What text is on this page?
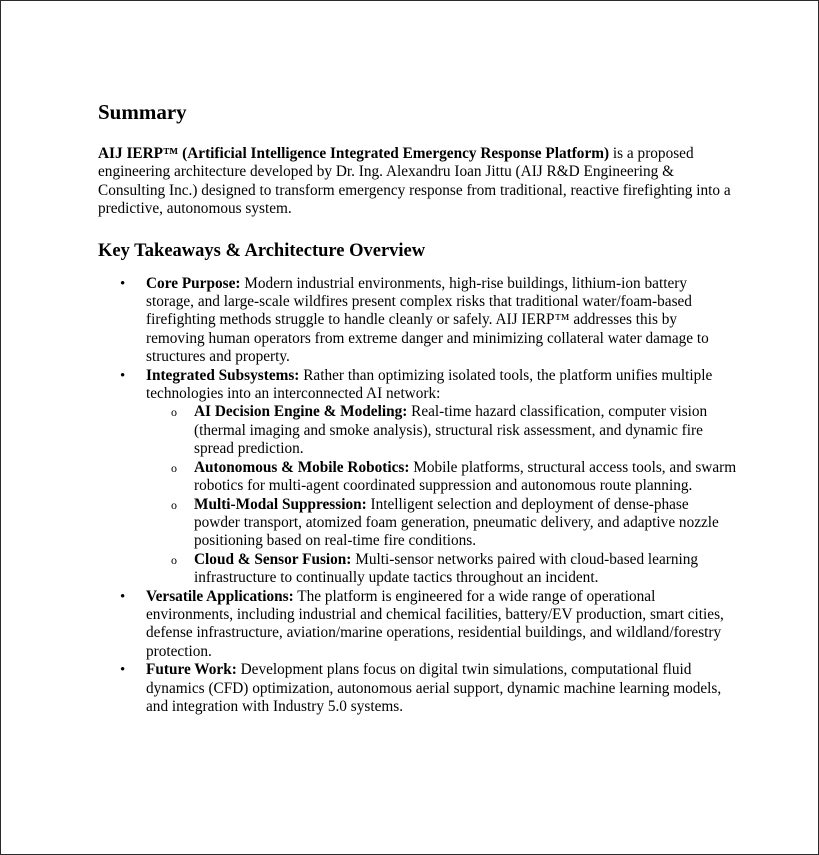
Summary

AIJ IERP™ (Artificial Intelligence Integrated Emergency Response Platform) is a proposed engineering architecture developed by Dr. Ing. Alexandru Ioan Jittu (AIJ R&D Engineering & Consulting Inc.) designed to transform emergency response from traditional, reactive firefighting into a predictive, autonomous system.

Key Takeaways & Architecture Overview
• Core Purpose: Modern industrial environments, high-rise buildings, lithium-ion battery storage, and large-scale wildfires present complex risks that traditional water/foam-based firefighting methods struggle to handle cleanly or safely. AIJ IERP™ addresses this by removing human operators from extreme danger and minimizing collateral water damage to structures and property.
• Integrated Subsystems: Rather than optimizing isolated tools, the platform unifies multiple technologies into an interconnected AI network:
o AI Decision Engine & Modeling: Real-time hazard classification, computer vision (thermal imaging and smoke analysis), structural risk assessment, and dynamic fire spread prediction.
o Autonomous & Mobile Robotics: Mobile platforms, structural access tools, and swarm robotics for multi-agent coordinated suppression and autonomous route planning.
o Multi-Modal Suppression: Intelligent selection and deployment of dense-phase powder transport, atomized foam generation, pneumatic delivery, and adaptive nozzle positioning based on real-time fire conditions.
o Cloud & Sensor Fusion: Multi-sensor networks paired with cloud-based learning infrastructure to continually update tactics throughout an incident.
• Versatile Applications: The platform is engineered for a wide range of operational environments, including industrial and chemical facilities, battery/EV production, smart cities, defense infrastructure, aviation/marine operations, residential buildings, and wildland/forestry protection.
• Future Work: Development plans focus on digital twin simulations, computational fluid dynamics (CFD) optimization, autonomous aerial support, dynamic machine learning models, and integration with Industry 5.0 systems.
